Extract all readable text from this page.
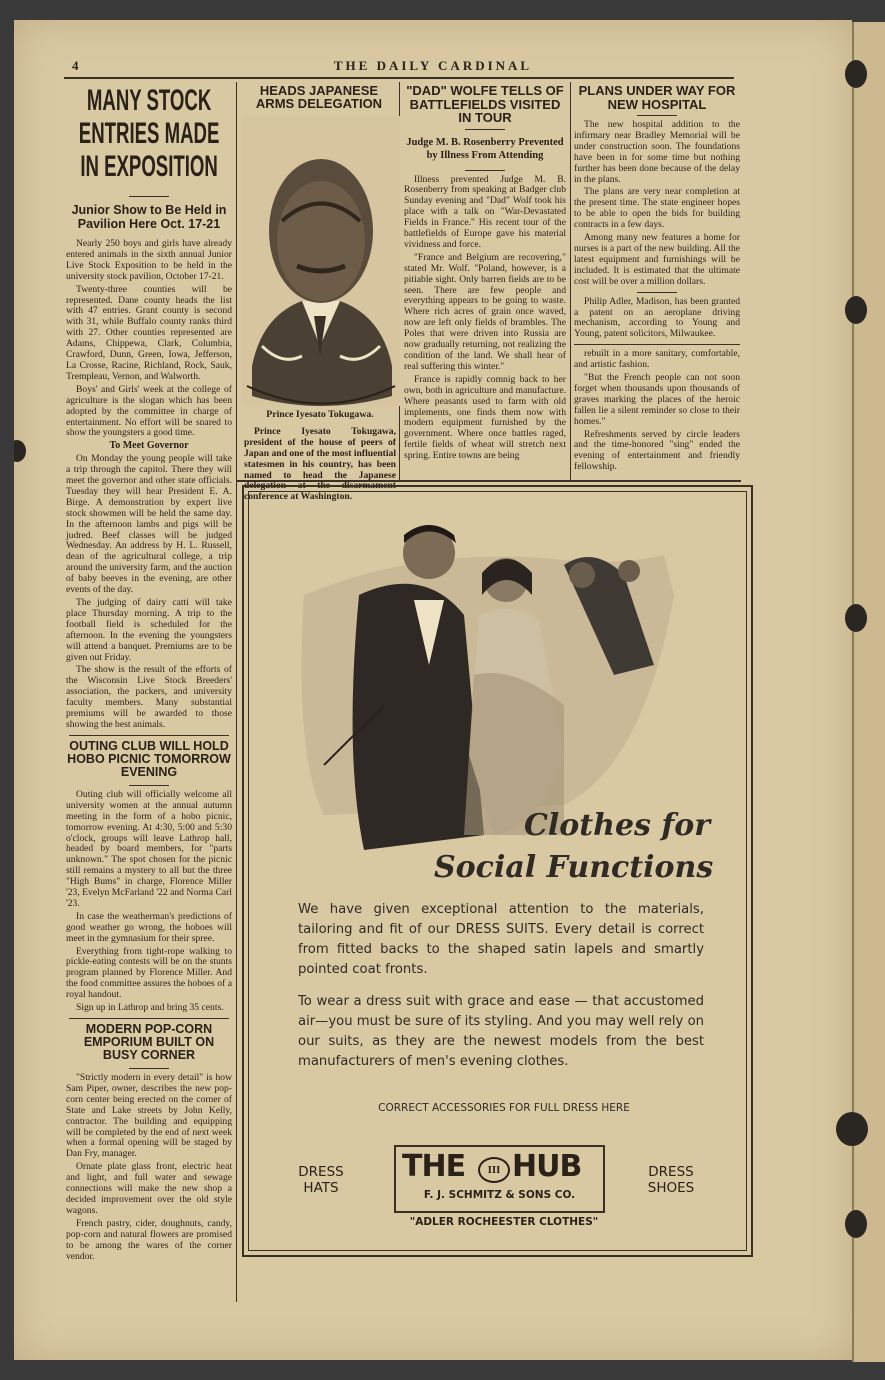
4	THE DAILY CARDINAL
MANY STOCK
ENTRIES MADE
IN EXPOSITION
Junior Show to Be Held in Pavilion Here Oct. 17-21

Nearly 250 boys and girls have already entered animals in the sixth annual Junior Live Stock Exposition to be held in the university stock pavilion, October 17-21.

Twenty-three counties will be represented. Dane county heads the list with 47 entries. Grant county is second with 31, while Buffalo county ranks third with 27. Other counties represented are Adams, Chippewa, Clark, Columbia, Crawford, Dunn, Green, Iowa, Jefferson, La Crosse, Racine, Richland, Rock, Sauk, Trempleau, Vernon, and Walworth.

Boys' and Girls' week at the college of agriculture is the slogan which has been adopted by the committee in charge of entertainment. No effort will be snared to show the youngsters a good time.

To Meet Governor

On Monday the young people will take a trip through the capitol. There they will meet the governor and other state officials. Tuesday they will hear President E. A. Birge. A demonstration by expert live stock showmen will be held the same day. In the afternoon lambs and pigs will be judred. Beef classes will be judged Wednesday. An address by H. L. Russell, dean of the agricultural college, a trip around the university farm, and the auction of baby beeves in the evening, are other events of the day.

The judging of dairy catti will take place Thursday morning. A trip to the football field is scheduled for the afternoon. In the evening the youngsters will attend a banquet. Premiums are to be given out Friday.

The show is the result of the efforts of the Wisconsin Live Stock Breeders' association, the packers, and university faculty members. Many substantial premiums will be awarded to those showing the best animals.

OUTING CLUB WILL HOLD HOBO PICNIC TOMORROW EVENING

Outing club will officially welcome all university women at the annual autumn meeting in the form of a hobo picnic, tomorrow evening. At 4:30, 5:00 and 5:30 o'clock, groups will leave Lathrop hall, headed by board members, for "parts unknown." The spot chosen for the picnic still remains a mystery to all but the three "High Bums" in charge, Florence Miller '23, Evelyn McFarland '22 and Norma Carl '23.

In case the weatherman's predictions of good weather go wrong, the hoboes will meet in the gymnasium for their spree.

Everything from tight-rope walking to pickle-eating contests will be on the stunts program planned by Florence Miller. And the food committee assures the hoboes of a royal handout.

Sign up in Lathrop and bring 35 cents.

MODERN POP-CORN EMPORIUM BUILT ON BUSY CORNER

"Strictly modern in every detail" is how Sam Piper, owner, describes the new pop-corn center being erected on the corner of State and Lake streets by John Kelly, contractor. The building and equipping will be completed by the end of next week when a formal opening will be staged by Dan Fry, manager.

Ornate plate glass front, electric heat and light, and full water and sewage connections will make the new shop a decided improvement over the old style wagons.

French pastry, cider, doughnuts, candy, pop-corn and natural flowers are promised to be among the wares of the corner vendor.

HEADS JAPANESE ARMS DELEGATION
Prince Iyesato Tokugawa.

Prince Iyesato Tokugawa, president of the house of peers of Japan and one of the most influential statesmen in his country, has been named to head the Japanese delegation at the disarmament conference at Washington.

"DAD" WOLFE TELLS OF BATTLEFIELDS VISITED IN TOUR
Judge M. B. Rosenberry Prevented by Illness From Attending

Illness prevented Judge M. B. Rosenberry from speaking at Badger club Sunday evening and "Dad" Wolf took his place with a talk on "War-Devastated Fields in France." His recent tour of the battlefields of Europe gave his material vividness and force.

"France and Belgium are recovering," stated Mr. Wolf. "Poland, however, is a pitiable sight. Only barren fields are to be seen. There are few people and everything appears to be going to waste. Where rich acres of grain once waved, now are left only fields of brambles. The Poles that were driven into Russia are now gradually returning, not realizing the condition of the land. We shall hear of real suffering this winter."

France is rapidly comnig back to her own, both in agriculture and manufacture. Where peasants used to farm with old implements, one finds them now with modern equipment furnished by the government. Where once battles raged, fertile fields of wheat will stretch next spring. Entire towns are being

PLANS UNDER WAY FOR NEW HOSPITAL

The new hospital addition to the infirmary near Bradley Memorial will be under construction soon. The foundations have been in for some time but nothing further has been done because of the delay in the plans.

The plans are very near completion at the present time. The state engineer hopes to be able to open the bids for building contracts in a few days.

Among many new features a home for nurses is a part of the new building. All the latest equipment and furnishings will be included. It is estimated that the ultimate cost will be over a million dollars.

Philip Adler, Madison, has been granted a patent on an aeroplane driving mechanism, according to Young and Young, patent solicitors, Milwaukee.

rebuilt in a more sanitary, comfortable, and artistic fashion.

"But the French people can not soon forget when thousands upon thousands of graves marking the places of the heroic fallen lie a silent reminder so close to their homes."

Refreshments served by circle leaders and the time-honored "sing" ended the evening of entertainment and friendly fellowship.

Clothes for
Social Functions
We have given exceptional attention to the materials, tailoring and fit of our DRESS SUITS. Every detail is correct from fitted backs to the shaped satin lapels and smartly pointed coat fronts.
To wear a dress suit with grace and ease — that accustomed air—you must be sure of its styling. And you may well rely on our suits, as they are the newest models from the best manufacturers of men's evening clothes.
CORRECT ACCESSORIES FOR FULL DRESS HERE
DRESS HATS
DRESS SHOES
THE	III HUB
F. J. SCHMITZ & SONS CO.
"ADLER ROCHEESTER CLOTHES"
